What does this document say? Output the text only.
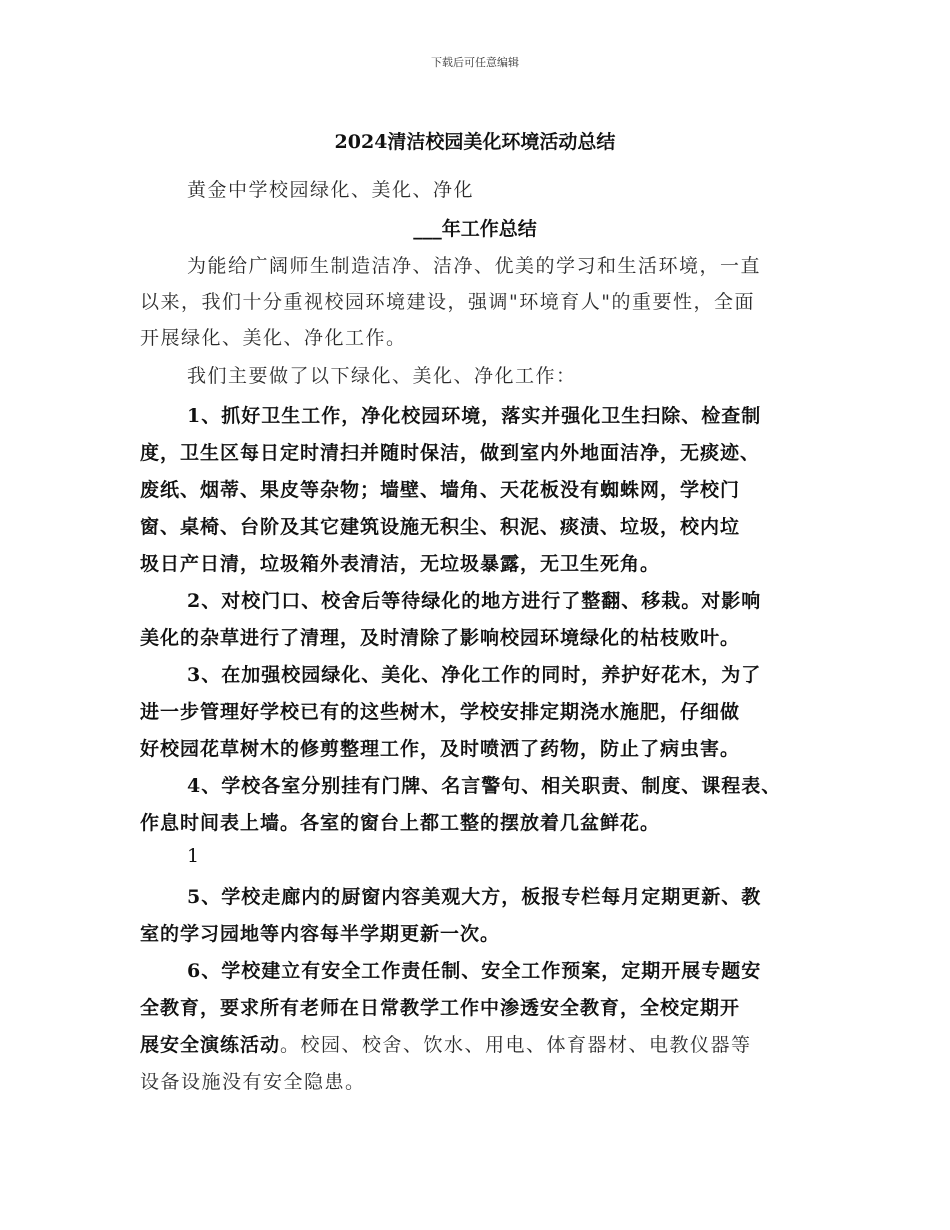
下载后可任意编辑
2024清洁校园美化环境活动总结
黄金中学校园绿化、美化、净化
___年工作总结
为能给广阔师生制造洁净、洁净、优美的学习和生活环境，一直
以来，我们十分重视校园环境建设，强调"环境育人"的重要性，全面
开展绿化、美化、净化工作。
我们主要做了以下绿化、美化、净化工作：
1、抓好卫生工作，净化校园环境，落实并强化卫生扫除、检查制
度，卫生区每日定时清扫并随时保洁，做到室内外地面洁净，无痰迹、
废纸、烟蒂、果皮等杂物；墙壁、墙角、天花板没有蜘蛛网，学校门
窗、桌椅、台阶及其它建筑设施无积尘、积泥、痰渍、垃圾，校内垃
圾日产日清，垃圾箱外表清洁，无垃圾暴露，无卫生死角。
2、对校门口、校舍后等待绿化的地方进行了整翻、移栽。对影响
美化的杂草进行了清理，及时清除了影响校园环境绿化的枯枝败叶。
3、在加强校园绿化、美化、净化工作的同时，养护好花木，为了
进一步管理好学校已有的这些树木，学校安排定期浇水施肥，仔细做
好校园花草树木的修剪整理工作，及时喷洒了药物，防止了病虫害。
4、学校各室分别挂有门牌、名言警句、相关职责、制度、课程表、
作息时间表上墙。各室的窗台上都工整的摆放着几盆鲜花。
1
5、学校走廊内的厨窗内容美观大方，板报专栏每月定期更新、教
室的学习园地等内容每半学期更新一次。
6、学校建立有安全工作责任制、安全工作预案，定期开展专题安
全教育，要求所有老师在日常教学工作中渗透安全教育，全校定期开
展安全演练活动。校园、校舍、饮水、用电、体育器材、电教仪器等
设备设施没有安全隐患。
